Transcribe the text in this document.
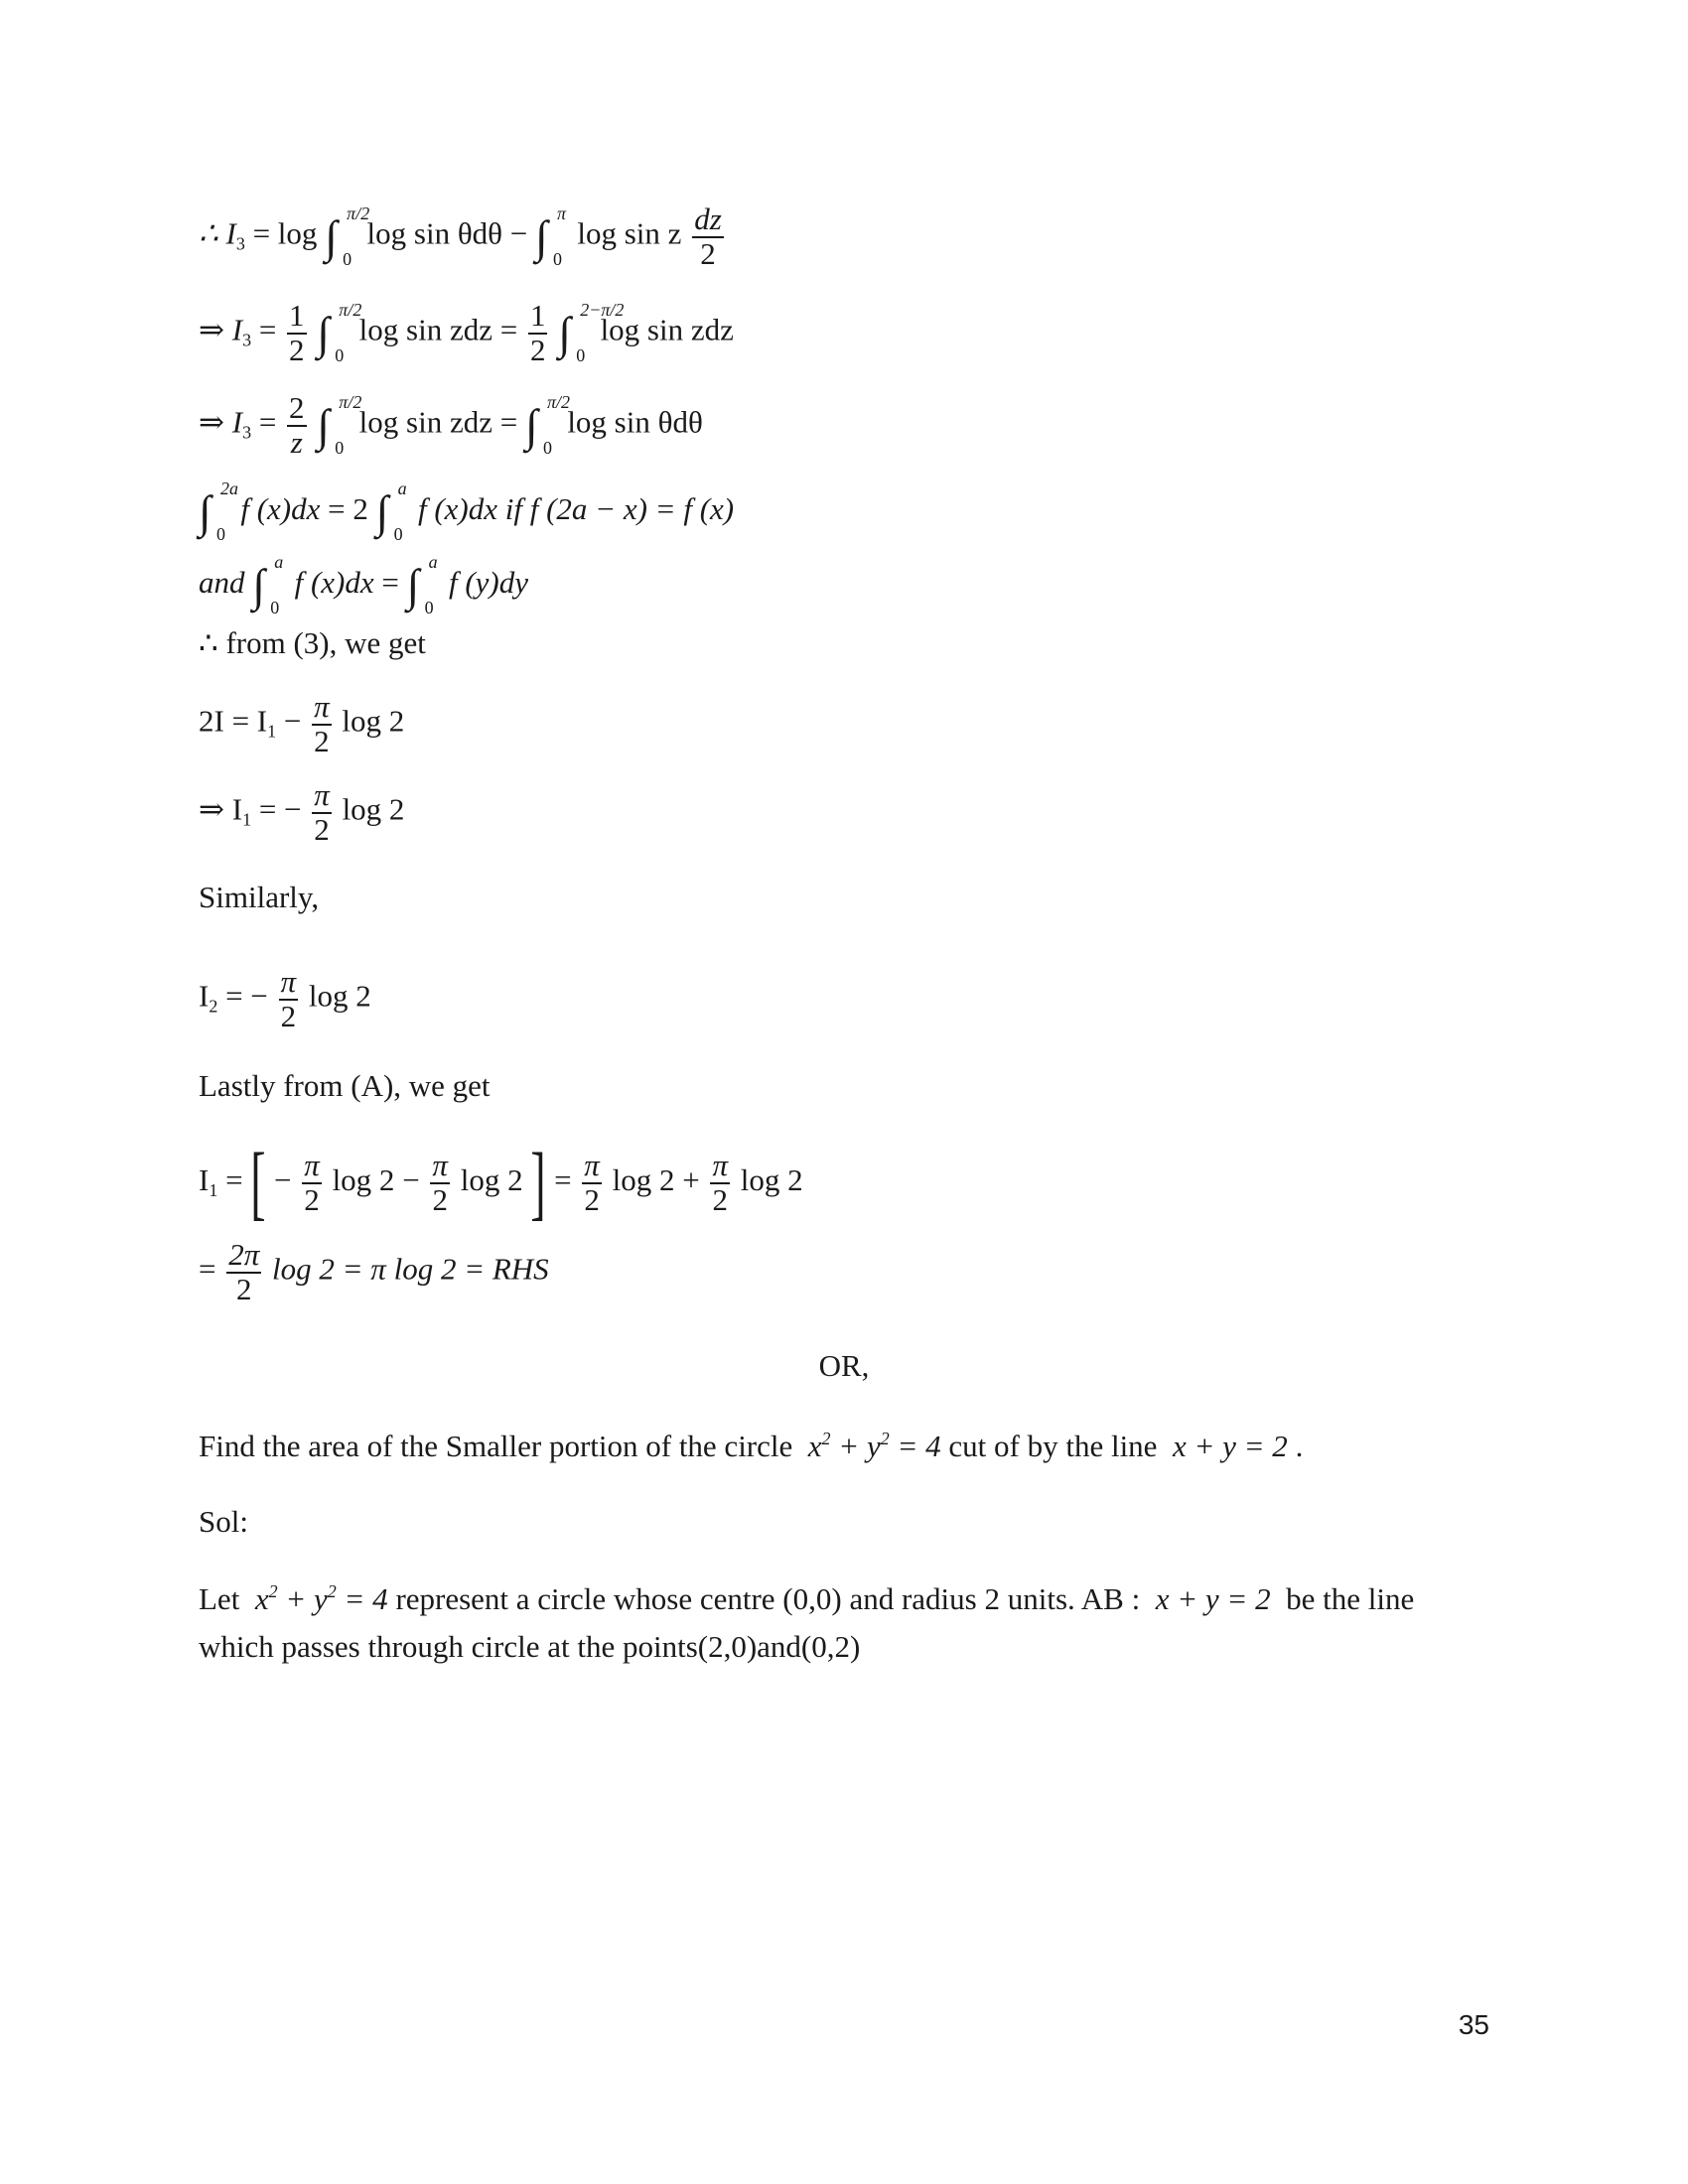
∴ $I_3 = \log$ ∫ π/2
0
log sin θdθ − ∫ π
0
log sin z $\frac{dz}{2}$
⇒ $I_3 = \frac{1}{2}$ ∫ π/2
0
log sin zdz = $\frac{1}{2}$ ∫ 2−π/2
0
log sin zdz
⇒ $I_3 = \frac{2}{z}$ ∫ π/2
0
log sin zdz = ∫ π/2
0
log sin θdθ
∫ 2a
0
f (x)dx = 2 ∫ a
0
f (x)dx if f (2a − x) = f (x)
and ∫ a
0
f (x)dx = ∫ a
0
f (y)dy
∴ from (3), we get
$2I = I_1 - \frac{\pi}{2}$ log 2
⇒ $I_1$ = − $\frac{\pi}{2}$ log 2
Similarly,
$I_2$ = − $\frac{\pi}{2}$ log 2
Lastly from (A), we get
$I_1$ = [ − $\frac{\pi}{2}$ $\log 2 - \frac{\pi}{2}$ log 2 ] = $\frac{\pi}{2}$ $\log 2 + \frac{\pi}{2}$ log 2
= $\frac{2\pi}{2}$ log 2 = π log 2 = RHS
OR,
Find the area of the Smaller portion of the circle $x^2 + y^2 = 4$ cut of by the line x + y = 2 .
Sol:
Let $x^2 + y^2 = 4$ represent a circle whose centre (0,0) and radius 2 units. AB : x + y = 2 be the line
which passes through circle at the points(2,0)and(0,2)
35
